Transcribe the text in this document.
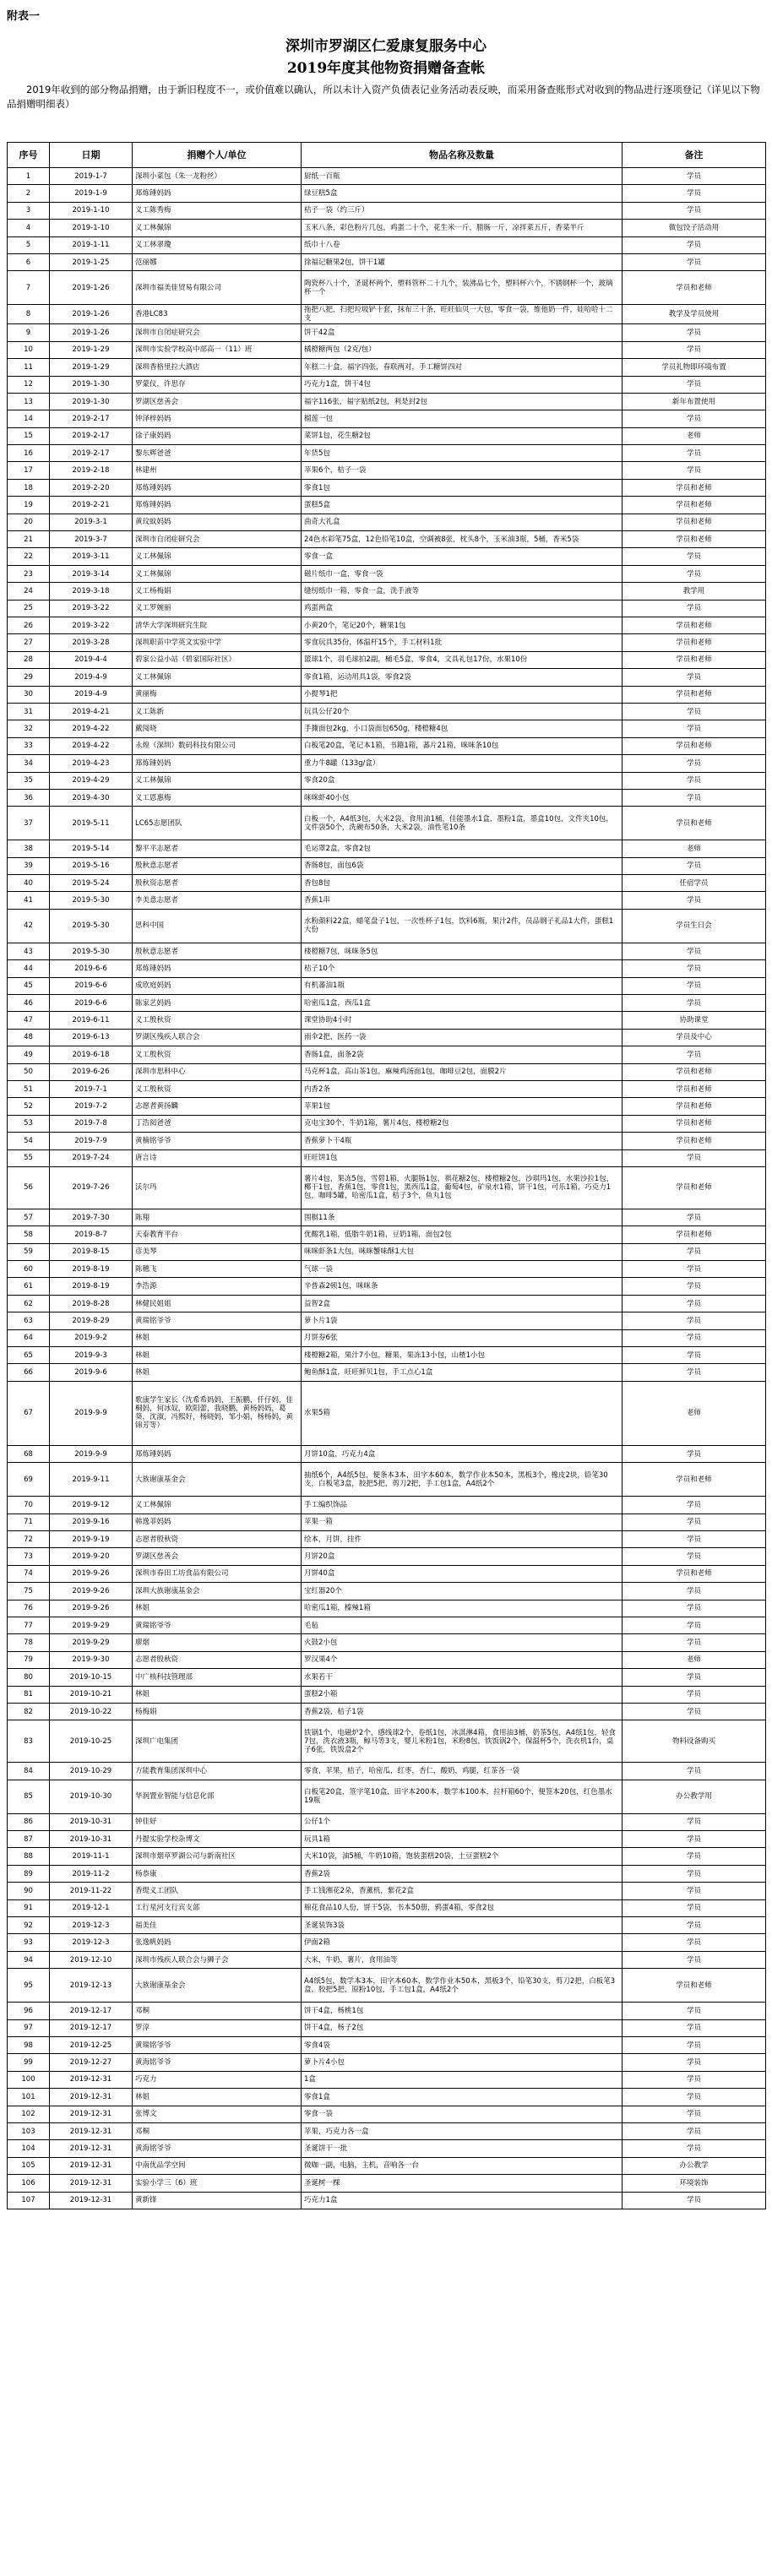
附表一
深圳市罗湖区仁爱康复服务中心
2019年度其他物资捐赠备查帐
2019年收到的部分物品捐赠，由于新旧程度不一，或价值难以确认，所以未计入资产负债表记业务活动表反映，而采用备查账形式对收到的物品进行逐项登记（详见以下物品捐赠明细表）
序号	日期	捐赠个人/单位	物品名称及数量	备注
1	2019-1-7	深圳小菜包（朱一龙粉丝）	厨纸一百瓶	学员
2	2019-1-9	郑炼锤妈妈	绿豆糕5盒	学员
3	2019-1-10	义工陈秀梅	桔子一袋（约三斤）	学员
4	2019-1-10	义工林佩锦	玉米八条，彩色粉片几包，鸡蛋二十个，花生米一斤，腊肠一斤，凉拌菜五斤，香菜半斤	做包饺子活动用
5	2019-1-11	义工林翠瓊	纸巾十八卷	学员
6	2019-1-25	范丽娜	徐福记糖果2包，饼干1罐	学员
7	2019-1-26	深圳市福美佳贸易有限公司	陶瓷杯八十个，圣诞杯两个，塑料管杯二十九个，装沸品七个，塑料杯六个，不锈钢杯一个，玻璃杯一个	学员和老师
8	2019-1-26	香港LC83	拖把八把，扫把垃圾铲十套，抹布三十条，旺旺仙贝一大包，零食一袋，维他奶一件，娃哈哈十二支	教学及学员使用
9	2019-1-26	深圳市自闭症研究会	饼干42盒	学员
10	2019-1-29	深圳市实验学校高中部高一（11）班	橘橙糖两包（2克/包）	学员
11	2019-1-29	深圳香格里拉大酒店	年糕二十盒，福字四张，春联两对，手工糖饼四对	学员礼物即环境布置
12	2019-1-30	罗蒙仪，许思存	巧克力1盒，饼干4包	学员
13	2019-1-30	罗湖区慈善会	福字116张，福字贴纸2包，利是封2包	新年布置使用
14	2019-2-17	钟泽梓妈妈	榴莲一包	学员
15	2019-2-17	徐子康妈妈	菜饼1包，花生糖2包	老师
16	2019-2-17	黎东辉爸爸	年货5包	学员
17	2019-2-18	林建州	苹果6个，桔子一袋	学员
18	2019-2-20	郑炼锤妈妈	零食1包	学员和老师
19	2019-2-21	郑炼锤妈妈	蛋糕5盒	学员和老师
20	2019-3-1	黄玟蚊妈妈	曲奇大礼盒	学员和老师
21	2019-3-7	深圳市自闭症研究会	24色水彩笔75盒，12色铅笔10盒，空调被8张，枕头8个，玉米油3瓶，5桶，香米5袋	学员和老师
22	2019-3-11	义工林佩锦	零食一盒	学员
23	2019-3-14	义工林佩锦	磁片纸巾一盒，零食一袋	学员
24	2019-3-18	义工杨梅娟	缝纫纸巾一箱，零食一盒，洗手液等	教学用
25	2019-3-22	义工罗婉丽	鸡蛋两盒	学员
26	2019-3-22	清华大学深圳研究生院	小黄20个，笔记20个，糖果1包	学员和老师
27	2019-3-28	深圳职苗中学英文实验中学	零食玩具35份，体温杆15个，手工材料1批	学员和老师
28	2019-4-4	碧家公益小站（碧家国际社区）	篮球1个，羽毛球拍2副，桶毛5盒，零食4，文具礼包17份，水果10份	学员和老师
29	2019-4-9	义工林佩锦	零食1箱，运动用具1袋，零食2袋	学员
30	2019-4-9	黄丽梅	小提琴1把	学员和老师
31	2019-4-21	义工陈新	玩具公仔20个	学员
32	2019-4-22	戴阅晓	手撕面包2kg，小口袋面包650g，楼橙糖4包	学员
33	2019-4-22	永煌（深圳）数码科技有限公司	白板笔20盒，笔记本1箱，书籍1箱，蕃片21箱，咪咪条10包	学员和老师
34	2019-4-23	郑炼锤妈妈	重力牛8罐（133g/盒）	学员
35	2019-4-29	义工林佩锦	零食20盒	学员
36	2019-4-30	义工恩惠梅	咪咪虾40小包	学员
37	2019-5-11	LC65志愿团队	白板一个，A4纸3包，大米2袋，食用油1桶，佳能墨水1盒，墨粉1盒，墨盒10包，文件夹10包，文件袋50个，洗碗布50条，大米2袋，油性笔10条	学员和老师
38	2019-5-14	黎平平志愿者	毛运罩2盒，零食2包	老师
39	2019-5-16	殷秋意志愿者	香肠8包，面包6袋	学员
40	2019-5-24	殷秋资志愿者	香包8包	任宿学员
41	2019-5-30	李美意志愿者	香蕉1串	学员
42	2019-5-30	思科中国	水粉颜料22盒，蜡笔盘子1包，一次性杯子1包，饮料6瓶，果汁2件，员品钢子礼品1大件，蛋糕1大份	学员生日会
43	2019-5-30	殷秋意志愿者	楼橙糖7包，咪咪条5包	学员
44	2019-6-6	郑炼锤妈妈	桔子10个	学员
45	2019-6-6	成欣庭妈妈	有机蕃油1瓶	学员
46	2019-6-6	陈家艺妈妈	哈密瓜1盒，西瓜1盒	学员
47	2019-6-11	义工殷秋资	课堂协助4小时	协助课堂
48	2019-6-13	罗湖区残疾人联合会	雨伞2把，医药一袋	学员及中心
49	2019-6-18	义工殷秋资	香肠1盒，面条2袋	学员
50	2019-6-26	深圳市思科中心	马克杯1盒，高山茶1包，麻辣鸡汤面1包，咖啡豆2包，面膜2片	学员和老师
51	2019-7-1	义工殷秋资	内香2条	学员和老师
52	2019-7-2	志愿者黄扬麟	苹果1包	学员和老师
53	2019-7-8	丁浩阅爸爸	克电宝30个，牛奶1箱，薯片4包，楼橙糖2包	学员和老师
54	2019-7-9	黄楠铭爷爷	香蕉萝卜干4瓶	学员和老师
55	2019-7-24	唐言诗	旺旺饼1包	学员
56	2019-7-26	沃尔玛	薯片4包，果冻5包，雪碧1箱，火腿肠1包，祺花糖2包，楼橙糖2包，沙琪玛1包，水果沙拉1包，椰干1包，香蕉1包，零食1包，黑西瓜1盒，葡萄4包，矿泉水1箱，饼干1包，可乐1箱，巧克力1包，咖啡5罐，哈密瓜1盒，桔子3个，鱼丸1包	学员和老师
57	2019-7-30	陈翔	围棋11条	学员
58	2019-8-7	天泰教育平台	优酸乳1箱，低脂牛奶1箱，豆奶1箱，面包2包	学员和老师
59	2019-8-15	彦美琴	咪咪虾条1大包，咪咪蟹味酥1大包	学员
60	2019-8-19	陈穗飞	气球一袋	学员
61	2019-8-19	李浩源	辛普森2顿1包，咪咪条	学员
62	2019-8-28	林健民姐姐	益智2盒	学员
63	2019-8-29	黄瑞铭爷爷	萝卜片1袋	学员
64	2019-9-2	林姐	月饼券6张	学员
65	2019-9-3	林姐	楼橙糖2箱，果汁7小包，糖果，果冻13小包，山楂1小包	学员
66	2019-9-6	林姐	鲍鱼酥1盒，旺旺鲜贝1包，手工点心1盒	学员
67	2019-9-9	歌康学生家长（沈希希妈妈，王振鹏，仟仔妈，佳桐妈，何冰奴，欧阳蕾，我晓鹏，黄杨妈妈，葛葵，沈淑，冯熙好，杨晓妈，邹小娟，杨杨妈，黄锦芳等）	水果5箱	老师
68	2019-9-9	郑炼锤妈妈	月饼10盒，巧克力4盒	学员
69	2019-9-11	大族谢康基金会	抽纸6个，A4纸5包，便条本3本，田字本60本，数学作业本50本，黑板3个，橡皮2块，铅笔30支，白板笔3盒，胶把5把，剪刀2把，手工包1盒，A4纸2个	学员和老师
70	2019-9-12	义工林佩锦	手工编织饰品	学员
71	2019-9-16	韩逸菲妈妈	苹果一箱	学员
72	2019-9-19	志愿者殷秋资	绘本，月饼，挂件	学员
73	2019-9-20	罗湖区慈善会	月饼20盒	学员
74	2019-9-26	深圳市春田工坊食品有限公司	月饼40盒	学员和老师
75	2019-9-26	深圳大族谢康基金会	宝红器20个	学员
76	2019-9-26	林姐	哈密瓜1箱，榛辣1箱	学员
77	2019-9-29	黄瑞铭爷爷	毛毡	学员
78	2019-9-29	廖烟	火鼓2小包	学员
79	2019-9-30	志愿者殷秋资	罗汉果4个	老师
80	2019-10-15	中广核科技管理部	水果若干	学员
81	2019-10-21	林姐	蛋糕2小箱	学员
82	2019-10-22	杨梅娟	香蕉2袋，桔子1袋	学员
83	2019-10-25	深圳广电集团	铁锅1个，电磁炉2个，感线球2个，卷纸1包，冰淇淋4箱，食用油3桶，奶茶5包，A4纸1包，轻食7包，洗衣液3瓶，鲸马等3支，婴儿米粉1包，米粉8包，铁饭锅2个，保温杯5个，洗衣机1台，桌子6张，铁饭盒2个	物料设备购买
84	2019-10-29	方能教育集团深圳中心	零食，苹果，桔子，哈密瓜，红枣，杏仁，酸奶，鸡腿，红茶各一袋	学员
85	2019-10-30	华润置业智能与信息化部	白板笔20盒，签字笔10盒，田字本200本，数学本100本，拉杆箱60个，便签本20包，红色墨水19瓶	办公教学用
86	2019-10-31	钟佳妤	公仔1个	学员
87	2019-10-31	丹提实验学校杂博文	玩具1箱	学员
88	2019-11-1	深圳市烟草罗湖公司与新南社区	大米10袋，油5桶，牛奶10箱，饱装蛋糕20袋，土豆蛋糕2个	学员
89	2019-11-2	杨恭康	香蕉2袋	学员
90	2019-11-22	香缇义工团队	手工钱湘花2朵，香薰机，紫花2盒	学员
91	2019-12-1	工行星河支行宾支部	棉花食品10人份，饼干5袋，书本50册，鸦蛋4箱，零食2包	学员
92	2019-12-3	福美佳	圣诞装饰3袋	学员
93	2019-12-3	张逸帆妈妈	伊面2箱	学员
94	2019-12-10	深圳市残疾人联合会与狮子会	大米，牛奶，薯片，食用油等	学员
95	2019-12-13	大族谢康基金会	A4纸5包，数学本3本，田字本60本，数学作业本50本，黑板3个，铅笔30支，剪刀2把，白板笔3盒，胶把5把，原粉10包，手工包1盒，A4纸2个	学员和老师
96	2019-12-17	邓桐	饼干4盒，杨桃1包	学员
97	2019-12-17	罗淳	饼干4盒，杨子2包	学员
98	2019-12-25	黄瑞铭爷爷	零食4袋	学员
99	2019-12-27	黄海铭爷爷	萝卜片4小包	学员
100	2019-12-31	巧克力	1盒	学员
101	2019-12-31	林姐	零食1盒	学员
102	2019-12-31	张博文	零食一袋	学员
103	2019-12-31	邓桐	苹果，巧克力各一盒	学员
104	2019-12-31	黄海铭爷爷	圣诞饼干一批	学员
105	2019-12-31	中南优品学空间	微咖一副，电脑，主机，音响各一台	办公教学
106	2019-12-31	实验小学三（6）班	圣诞树一棵	环境装饰
107	2019-12-31	黄新锋	巧克力1盒	学员
